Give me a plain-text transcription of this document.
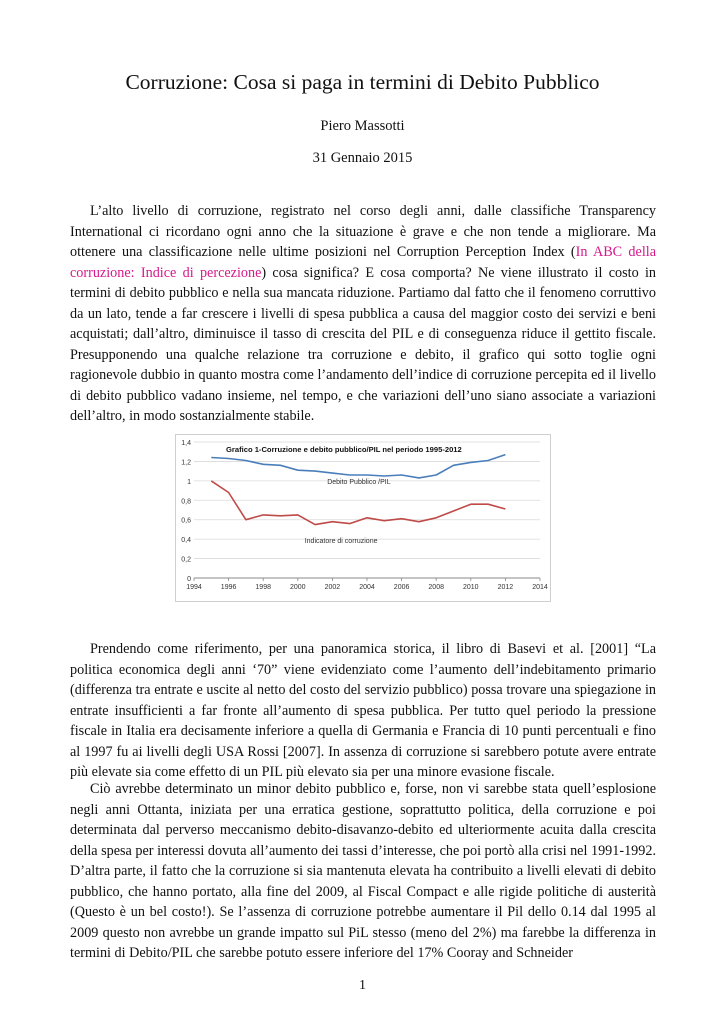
Corruzione: Cosa si paga in termini di Debito Pubblico
Piero Massotti
31 Gennaio 2015

L’alto livello di corruzione, registrato nel corso degli anni, dalle classifiche Transparency International ci ricordano ogni anno che la situazione è grave e che non tende a migliorare. Ma ottenere una classificazione nelle ultime posizioni nel Corruption Perception Index (In ABC della corruzione: Indice di percezione) cosa significa? E cosa comporta? Ne viene illustrato il costo in termini di debito pubblico e nella sua mancata riduzione. Partiamo dal fatto che il fenomeno corruttivo da un lato, tende a far crescere i livelli di spesa pubblica a causa del maggior costo dei servizi e beni acquistati; dall’altro, diminuisce il tasso di crescita del PIL e di conseguenza riduce il gettito fiscale. Presupponendo una qualche relazione tra corruzione e debito, il grafico qui sotto toglie ogni ragionevole dubbio in quanto mostra come l’andamento dell’indice di corruzione percepita ed il livello di debito pubblico vadano insieme, nel tempo, e che variazioni dell’uno siano associate a variazioni dell’altro, in modo sostanzialmente stabile.

0
0,2
0,4
0,6
0,8
1
1,2
1,4
1994	1996	1998	2000	2002	2004	2006	2008	2010	2012	2014
Grafico 1-Corruzione e debito pubblico/PIL nel periodo 1995-2012
Debito Pubblico /PIL
Indicatore di corruzione

Prendendo come riferimento, per una panoramica storica, il libro di Basevi et al. [2001] “La politica economica degli anni ‘70” viene evidenziato come l’aumento dell’indebitamento primario (differenza tra entrate e uscite al netto del costo del servizio pubblico) possa trovare una spiegazione in entrate insufficienti a far fronte all’aumento di spesa pubblica. Per tutto quel periodo la pressione fiscale in Italia era decisamente inferiore a quella di Germania e Francia di 10 punti percentuali e fino al 1997 fu ai livelli degli USA Rossi [2007]. In assenza di corruzione si sarebbero potute avere entrate più elevate sia come effetto di un PIL più elevato sia per una minore evasione fiscale.

Ciò avrebbe determinato un minor debito pubblico e, forse, non vi sarebbe stata quell’esplosione negli anni Ottanta, iniziata per una erratica gestione, soprattutto politica, della corruzione e poi determinata dal perverso meccanismo debito-disavanzo-debito ed ulteriormente acuita dalla crescita della spesa per interessi dovuta all’aumento dei tassi d’interesse, che poi portò alla crisi nel 1991-1992. D’altra parte, il fatto che la corruzione si sia mantenuta elevata ha contribuito a livelli elevati di debito pubblico, che hanno portato, alla fine del 2009, al Fiscal Compact e alle rigide politiche di austerità (Questo è un bel costo!). Se l’assenza di corruzione potrebbe aumentare il Pil dello 0.14 dal 1995 al 2009 questo non avrebbe un grande impatto sul PiL stesso (meno del 2%) ma farebbe la differenza in termini di Debito/PIL che sarebbe potuto essere inferiore del 17% Cooray and Schneider

1
